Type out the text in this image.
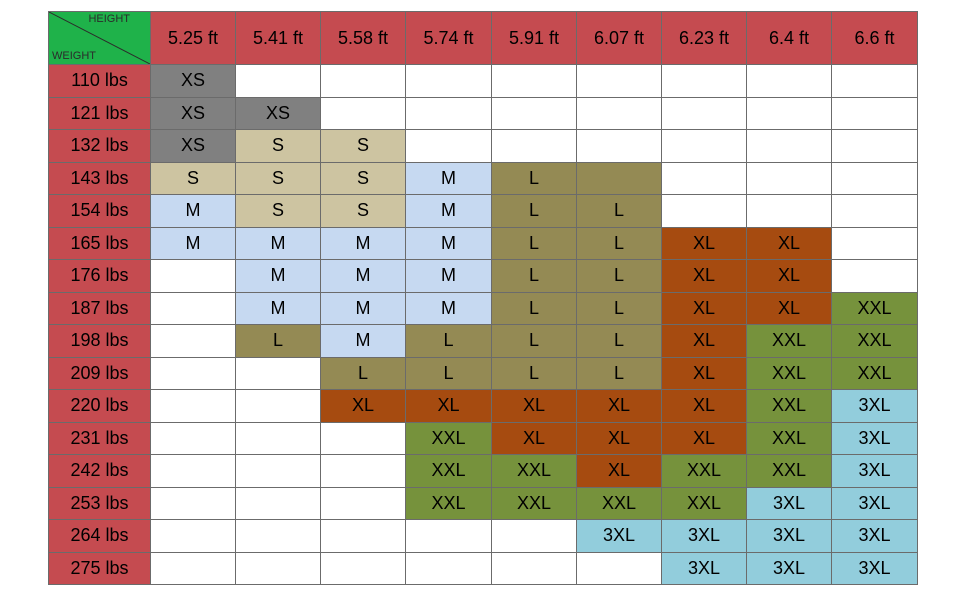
HEIGHT
WEIGHT	5.25 ft	5.41 ft	5.58 ft	5.74 ft	5.91 ft	6.07 ft	6.23 ft	6.4 ft	6.6 ft
110 lbs	XS								
121 lbs	XS	XS							
132 lbs	XS	S	S						
143 lbs	S	S	S	M	L				
154 lbs	M	S	S	M	L	L			
165 lbs	M	M	M	M	L	L	XL	XL	
176 lbs		M	M	M	L	L	XL	XL	
187 lbs		M	M	M	L	L	XL	XL	XXL
198 lbs		L	M	L	L	L	XL	XXL	XXL
209 lbs			L	L	L	L	XL	XXL	XXL
220 lbs			XL	XL	XL	XL	XL	XXL	3XL
231 lbs				XXL	XL	XL	XL	XXL	3XL
242 lbs				XXL	XXL	XL	XXL	XXL	3XL
253 lbs				XXL	XXL	XXL	XXL	3XL	3XL
264 lbs						3XL	3XL	3XL	3XL
275 lbs							3XL	3XL	3XL
